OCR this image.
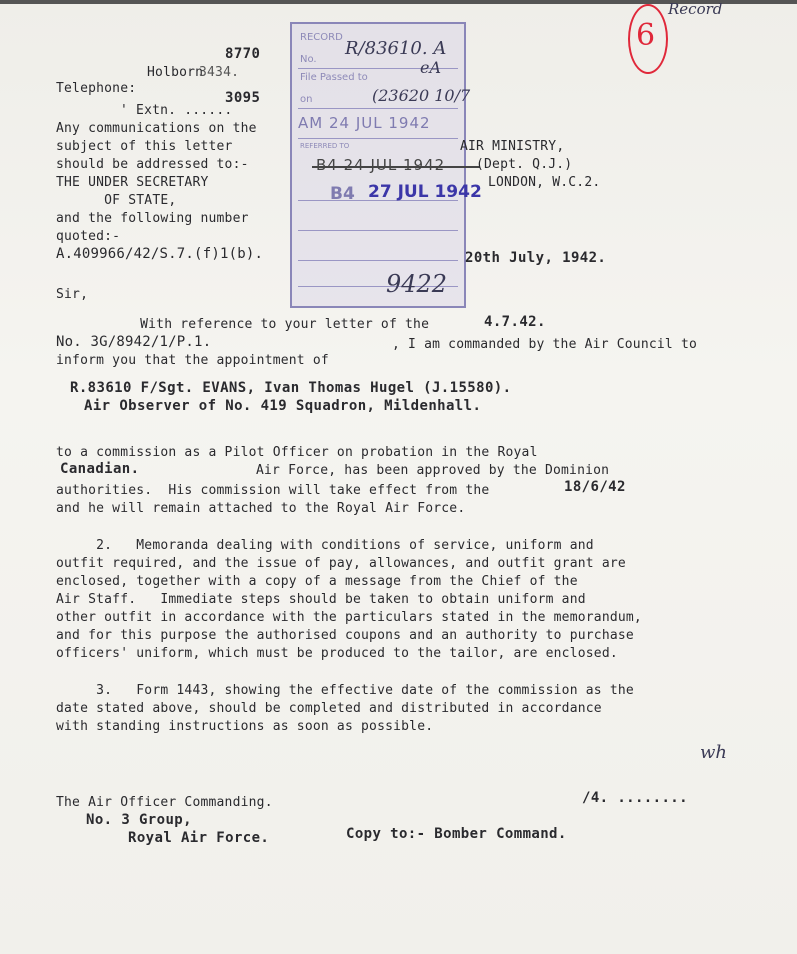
8770
Holborn
3434.
Telephone:
3095
' Extn. ......
Any communications on the
subject of this letter
should be addressed to:-
THE UNDER SECRETARY
OF STATE,
and the following number
quoted:-
A.409966/42/S.7.(f)1(b).
RECORD
No.
File Passed to
on
REFERRED TO
AM 24 JUL 1942
R/83610. A
eA
(23620 10/7
B4 24 JUL 1942
B4 27 JUL 1942
9422
AIR MINISTRY,
(Dept. Q.J.)
LONDON, W.C.2.
20th July, 1942.
6
Record
Sir,
With reference to your letter of the	4.7.42.
No. 3G/8942/1/P.1.	, I am commanded by the Air Council to
inform you that the appointment of
R.83610 F/Sgt. EVANS, Ivan Thomas Hugel (J.15580).
Air Observer of No. 419 Squadron, Mildenhall.
to a commission as a Pilot Officer on probation in the Royal
Canadian.	Air Force, has been approved by the Dominion
authorities.  His commission will take effect from the	18/6/42
and he will remain attached to the Royal Air Force.
2.   Memoranda dealing with conditions of service, uniform and
outfit required, and the issue of pay, allowances, and outfit grant are
enclosed, together with a copy of a message from the Chief of the
Air Staff.   Immediate steps should be taken to obtain uniform and
other outfit in accordance with the particulars stated in the memorandum,
and for this purpose the authorised coupons and an authority to purchase
officers' uniform, which must be produced to the tailor, are enclosed.
3.   Form 1443, showing the effective date of the commission as the
date stated above, should be completed and distributed in accordance
with standing instructions as soon as possible.
wh
The Air Officer Commanding.
No. 3 Group,
Royal Air Force.	Copy to:- Bomber Command.
/4. ........
